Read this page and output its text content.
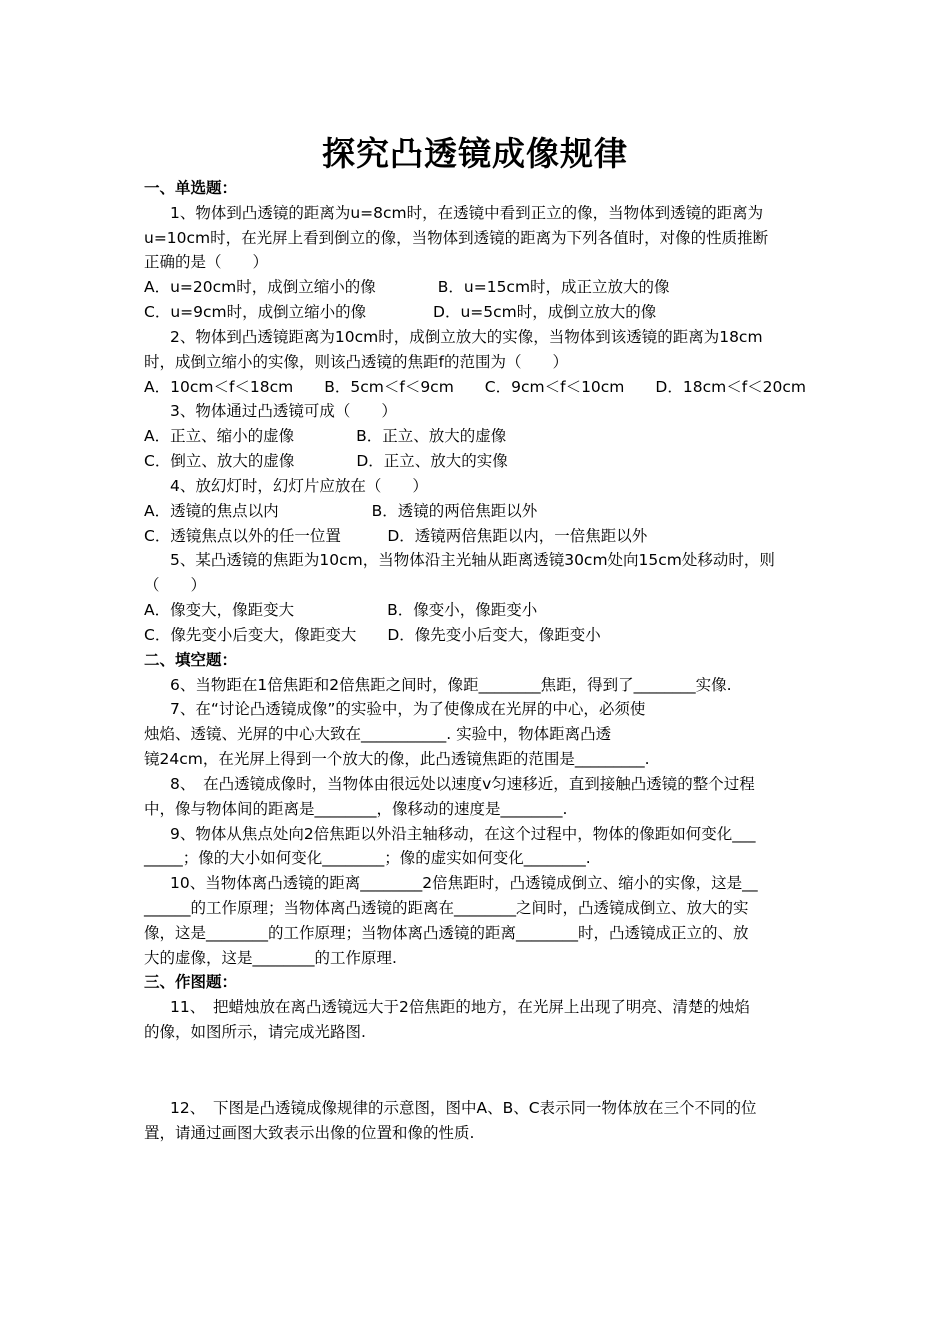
探究凸透镜成像规律
一、单选题：
1、物体到凸透镜的距离为u=8cm时，在透镜中看到正立的像，当物体到透镜的距离为
u=10cm时，在光屏上看到倒立的像，当物体到透镜的距离为下列各值时，对像的性质推断
正确的是（　　）
A．u=20cm时，成倒立缩小的像　　　　B．u=15cm时，成正立放大的像
C．u=9cm时，成倒立缩小的像　　　　 D．u=5cm时，成倒立放大的像
2、物体到凸透镜距离为10cm时，成倒立放大的实像，当物体到该透镜的距离为18cm
时，成倒立缩小的实像，则该凸透镜的焦距f的范围为（　　）
A．10cm＜f＜18cm　　B．5cm＜f＜9cm　　C．9cm＜f＜10cm　　D．18cm＜f＜20cm
3、物体通过凸透镜可成（　　）
A．正立、缩小的虚像　　　　B．正立、放大的虚像
C．倒立、放大的虚像　　　　D．正立、放大的实像
4、放幻灯时，幻灯片应放在（　　）
A．透镜的焦点以内　　　　　　B．透镜的两倍焦距以外
C．透镜焦点以外的任一位置　　　D．透镜两倍焦距以内，一倍焦距以外
5、某凸透镜的焦距为10cm，当物体沿主光轴从距离透镜30cm处向15cm处移动时，则
（　　）
A．像变大，像距变大　　　　　　B．像变小，像距变小
C．像先变小后变大，像距变大　　D．像先变小后变大，像距变小
二、填空题：
6、当物距在1倍焦距和2倍焦距之间时，像距________焦距，得到了________实像.
7、在“讨论凸透镜成像”的实验中，为了使像成在光屏的中心，必须使
烛焰、透镜、光屏的中心大致在___________. 实验中，物体距离凸透
镜24cm，在光屏上得到一个放大的像，此凸透镜焦距的范围是_________.
8、　在凸透镜成像时，当物体由很远处以速度v匀速移近，直到接触凸透镜的整个过程
中，像与物体间的距离是________，像移动的速度是________.
9、物体从焦点处向2倍焦距以外沿主轴移动，在这个过程中，物体的像距如何变化___
_____；像的大小如何变化________；像的虚实如何变化________.
10、当物体离凸透镜的距离________2倍焦距时，凸透镜成倒立、缩小的实像，这是__
______的工作原理；当物体离凸透镜的距离在________之间时，凸透镜成倒立、放大的实
像，这是________的工作原理；当物体离凸透镜的距离________时，凸透镜成正立的、放
大的虚像，这是________的工作原理.
三、作图题：
11、　把蜡烛放在离凸透镜远大于2倍焦距的地方，在光屏上出现了明亮、清楚的烛焰
的像，如图所示，请完成光路图.
12、　下图是凸透镜成像规律的示意图，图中A、B、C表示同一物体放在三个不同的位
置，请通过画图大致表示出像的位置和像的性质.
